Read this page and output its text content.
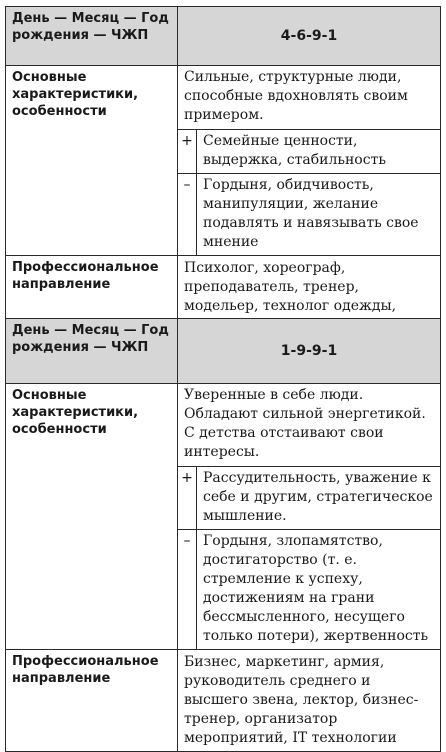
День — Месяц — Год рождения — ЧЖП	4-6-9-1
Основные характеристики, особенности
Сильные, структурные люди, способные вдохновлять своим примером.
+ Семейные ценности, выдержка, стабильность
– Гордыня, обидчивость, манипуляции, желание подавлять и навязывать свое мнение
Профессиональное направление
Психолог, хореограф, преподаватель, тренер, модельер, технолог одежды,
День — Месяц — Год рождения — ЧЖП	1-9-9-1
Основные характеристики, особенности
Уверенные в себе люди. Обладают сильной энергетикой. С детства отстаивают свои интересы.
+ Рассудительность, уважение к себе и другим, стратегическое мышление.
– Гордыня, злопамятство, достигаторство (т. е. стремление к успеху, достижениям на грани бессмысленного, несущего только потери), жертвенность
Профессиональное направление
Бизнес, маркетинг, армия, руководитель среднего и высшего звена, лектор, бизнес-тренер, организатор мероприятий, IT технологии
